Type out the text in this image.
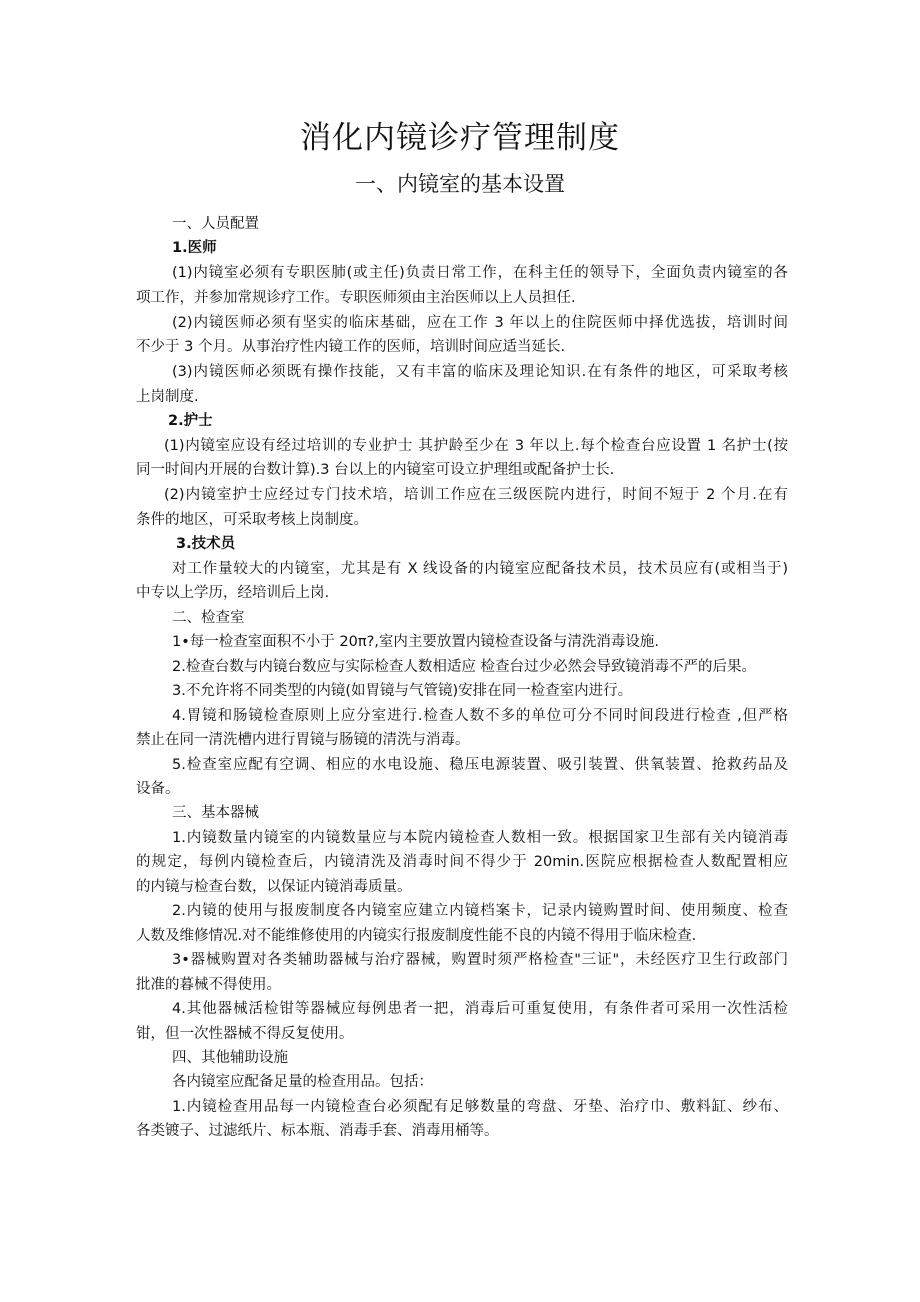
消化内镜诊疗管理制度
一、内镜室的基本设置
一、人员配置
1.医师
(1)内镜室必须有专职医肺(或主任)负责日常工作，在科主任的领导下，全面负责内镜室的各
项工作，并参加常规诊疗工作。专职医师须由主治医师以上人员担任.
(2)内镜医师必须有坚实的临床基础，应在工作 3 年以上的住院医师中择优选拔，培训时间
不少于 3 个月。从事治疗性内镜工作的医师，培训时间应适当延长.
(3)内镜医师必须既有操作技能，又有丰富的临床及理论知识.在有条件的地区，可采取考核
上岗制度.
2.护士
(1)内镜室应设有经过培训的专业护士 其护龄至少在 3 年以上.每个检查台应设置 1 名护士(按
同一时间内开展的台数计算).3 台以上的内镜室可设立护理组或配备护士长.
(2)内镜室护士应经过专门技术培，培训工作应在三级医院内进行，时间不短于 2 个月.在有
条件的地区，可采取考核上岗制度。
3.技术员
对工作量较大的内镜室，尤其是有 X 线设备的内镜室应配备技术员，技术员应有(或相当于)
中专以上学历，经培训后上岗.
二、检查室
1•每一检查室面积不小于 20π?,室内主要放置内镜检查设备与清洗消毒设施.
2.检查台数与内镜台数应与实际检查人数相适应 检查台过少必然会导致镜消毒不严的后果。
3.不允许将不同类型的内镜(如胃镜与气管镜)安排在同一检查室内进行。
4.胃镜和肠镜检查原则上应分室进行.检查人数不多的单位可分不同时间段进行检查 ,但严格
禁止在同一清洗槽内进行胃镜与肠镜的清洗与消毒。
5.检查室应配有空调、相应的水电设施、稳压电源装置、吸引装置、供氧装置、抢救药品及
设备。
三、基本器械
1.内镜数量内镜室的内镜数量应与本院内镜检查人数相一致。根据国家卫生部有关内镜消毒
的规定，每例内镜检查后，内镜清洗及消毒时间不得少于 20min.医院应根据检查人数配置相应
的内镜与检查台数，以保证内镜消毒质量。
2.内镜的使用与报废制度各内镜室应建立内镜档案卡，记录内镜购置时间、使用频度、检查
人数及维修情况.对不能维修使用的内镜实行报废制度性能不良的内镜不得用于临床检查.
3•器械购置对各类辅助器械与治疗器械，购置时须严格检查"三证"，未经医疗卫生行政部门
批准的暮械不得使用。
4.其他器械活检钳等器械应每例患者一把，消毒后可重复使用，有条件者可采用一次性活检
钳，但一次性器械不得反复使用。
四、其他辅助设施
各内镜室应配备足量的检查用品。包括：
1.内镜检查用品每一内镜检查台必须配有足够数量的弯盘、牙垫、治疗巾、敷料缸、纱布、
各类镀子、过滤纸片、标本瓶、消毒手套、消毒用桶等。
